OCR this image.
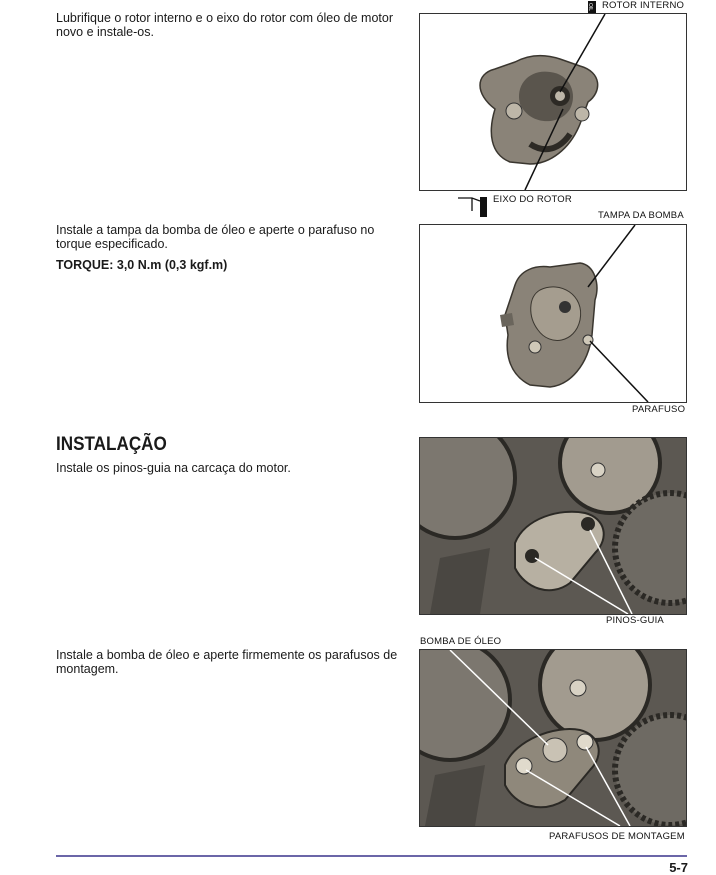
Lubrifique o rotor interno e o eixo do rotor com óleo de motor novo e instale-os.
OIL ROTOR INTERNO
EIXO DO ROTOR
Instale a tampa da bomba de óleo e aperte o parafuso no torque especificado.
TORQUE: 3,0 N.m (0,3 kgf.m)
TAMPA DA BOMBA
PARAFUSO
INSTALAÇÃO
Instale os pinos-guia na carcaça do motor.
PINOS-GUIA
BOMBA DE ÓLEO
Instale a bomba de óleo e aperte firmemente os parafusos de montagem.
PARAFUSOS DE MONTAGEM
5-7
